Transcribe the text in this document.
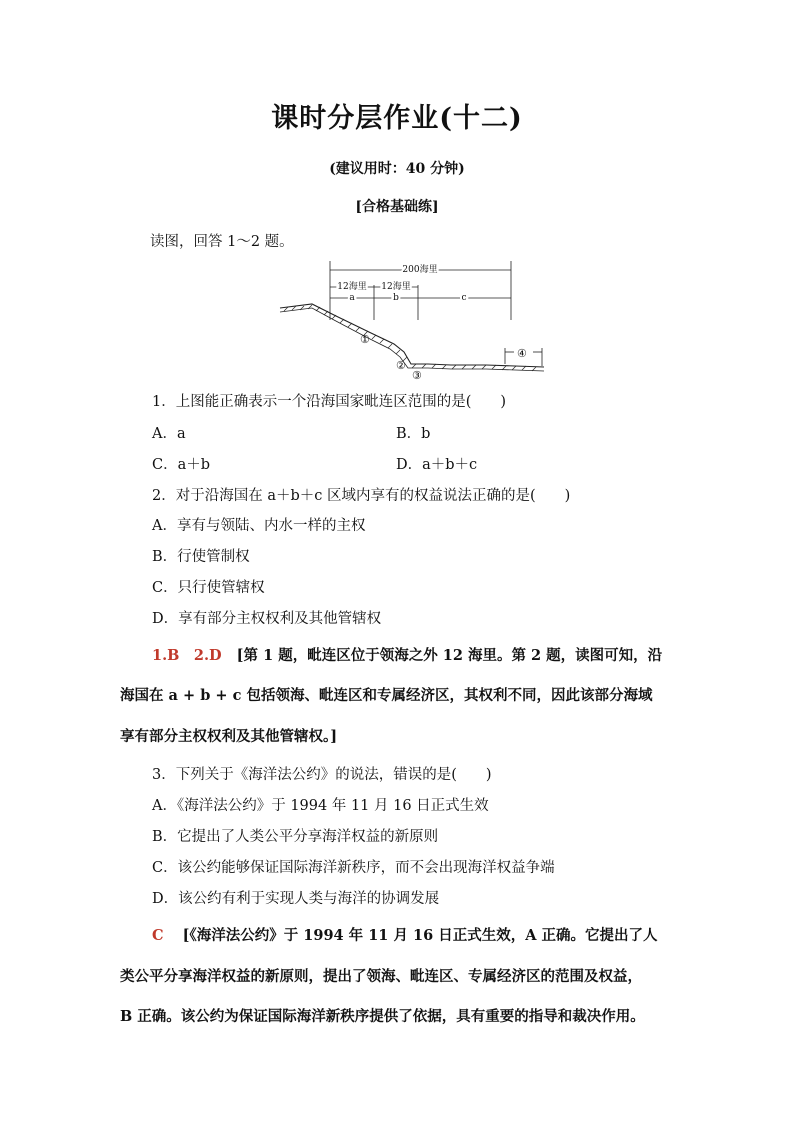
课时分层作业(十二)
(建议用时：40 分钟)
[合格基础练]
读图，回答 1～2 题。
200海里
12海里 12海里
a	b	c
①
②
③
④
1．上图能正确表示一个沿海国家毗连区范围的是(　　)
A．a	B．b
C．a＋b	D．a＋b＋c
2．对于沿海国在 a＋b＋c 区域内享有的权益说法正确的是(　　)
A．享有与领陆、内水一样的主权
B．行使管制权
C．只行使管辖权
D．享有部分主权权利及其他管辖权
1.B　2.D [第 1 题，毗连区位于领海之外 12 海里。第 2 题，读图可知，沿
海国在 a + b + c 包括领海、毗连区和专属经济区，其权利不同，因此该部分海域
享有部分主权权利及其他管辖权。]
3．下列关于《海洋法公约》的说法，错误的是(　　)
A．《海洋法公约》于 1994 年 11 月 16 日正式生效
B．它提出了人类公平分享海洋权益的新原则
C．该公约能够保证国际海洋新秩序，而不会出现海洋权益争端
D．该公约有利于实现人类与海洋的协调发展
C [《海洋法公约》于 1994 年 11 月 16 日正式生效，A 正确。它提出了人
类公平分享海洋权益的新原则，提出了领海、毗连区、专属经济区的范围及权益，
B 正确。该公约为保证国际海洋新秩序提供了依据，具有重要的指导和裁决作用。
